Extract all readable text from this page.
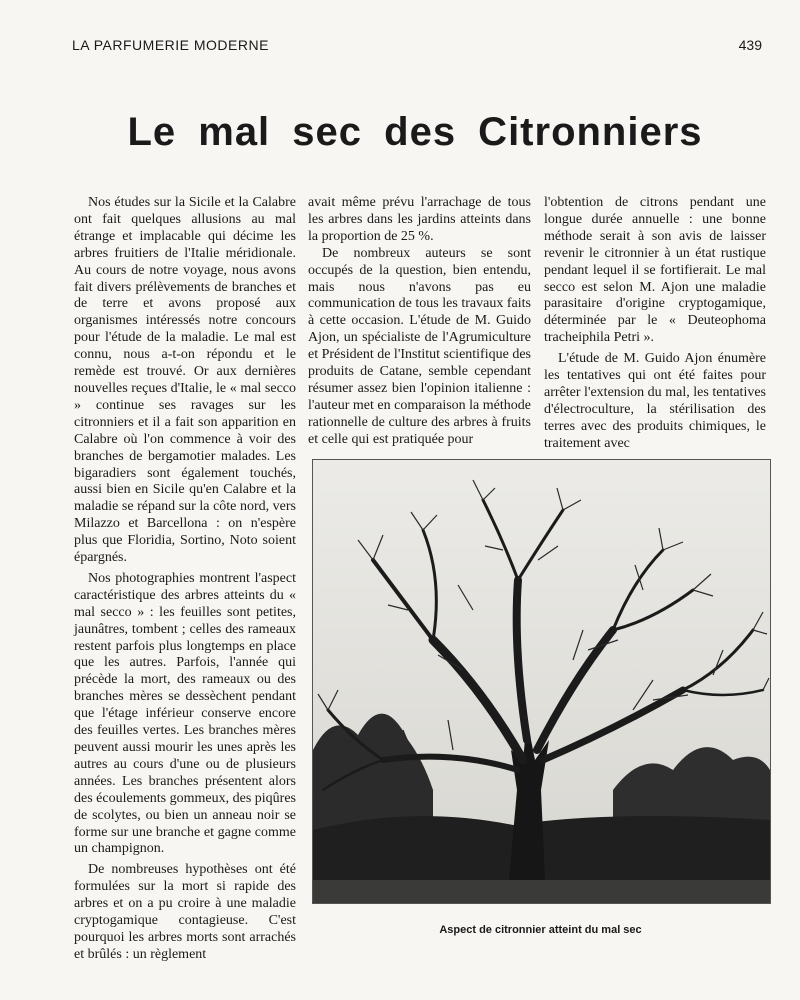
LA PARFUMERIE MODERNE	439
Le mal sec des Citronniers

Nos études sur la Sicile et la Calabre ont fait quelques allusions au mal étrange et implacable qui décime les arbres fruitiers de l'Italie méridionale. Au cours de notre voyage, nous avons fait divers prélèvements de branches et de terre et avons proposé aux organismes intéressés notre concours pour l'étude de la maladie. Le mal est connu, nous a-t-on répondu et le remède est trouvé. Or aux dernières nouvelles reçues d'Italie, le « mal secco » continue ses ravages sur les citronniers et il a fait son apparition en Calabre où l'on commence à voir des branches de bergamotier malades. Les bigaradiers sont également touchés, aussi bien en Sicile qu'en Calabre et la maladie se répand sur la côte nord, vers Milazzo et Barcellona : on n'espère plus que Floridia, Sortino, Noto soient épargnés.

Nos photographies montrent l'aspect caractéristique des arbres atteints du « mal secco » : les feuilles sont petites, jaunâtres, tombent ; celles des rameaux restent parfois plus longtemps en place que les autres. Parfois, l'année qui précède la mort, des rameaux ou des branches mères se dessèchent pendant que l'étage inférieur conserve encore des feuilles vertes. Les branches mères peuvent aussi mourir les unes après les autres au cours d'une ou de plusieurs années. Les branches présentent alors des écoulements gommeux, des piqûres de scolytes, ou bien un anneau noir se forme sur une branche et gagne comme un champignon.

De nombreuses hypothèses ont été formulées sur la mort si rapide des arbres et on a pu croire à une maladie cryptogamique contagieuse. C'est pourquoi les arbres morts sont arrachés et brûlés : un règlement

avait même prévu l'arrachage de tous les arbres dans les jardins atteints dans la proportion de 25 %.

De nombreux auteurs se sont occupés de la question, bien entendu, mais nous n'avons pas eu communication de tous les travaux faits à cette occasion. L'étude de M. Guido Ajon, un spécialiste de l'Agrumiculture et Président de l'Institut scientifique des produits de Catane, semble cependant résumer assez bien l'opinion italienne : l'auteur met en comparaison la méthode rationnelle de culture des arbres à fruits et celle qui est pratiquée pour

l'obtention de citrons pendant une longue durée annuelle : une bonne méthode serait à son avis de laisser revenir le citronnier à un état rustique pendant lequel il se fortifierait. Le mal secco est selon M. Ajon une maladie parasitaire d'origine cryptogamique, déterminée par le « Deuteophoma tracheiphila Petri ».

L'étude de M. Guido Ajon énumère les tentatives qui ont été faites pour arrêter l'extension du mal, les tentatives d'électroculture, la stérilisation des terres avec des produits chimiques, le traitement avec

Aspect de citronnier atteint du mal sec
